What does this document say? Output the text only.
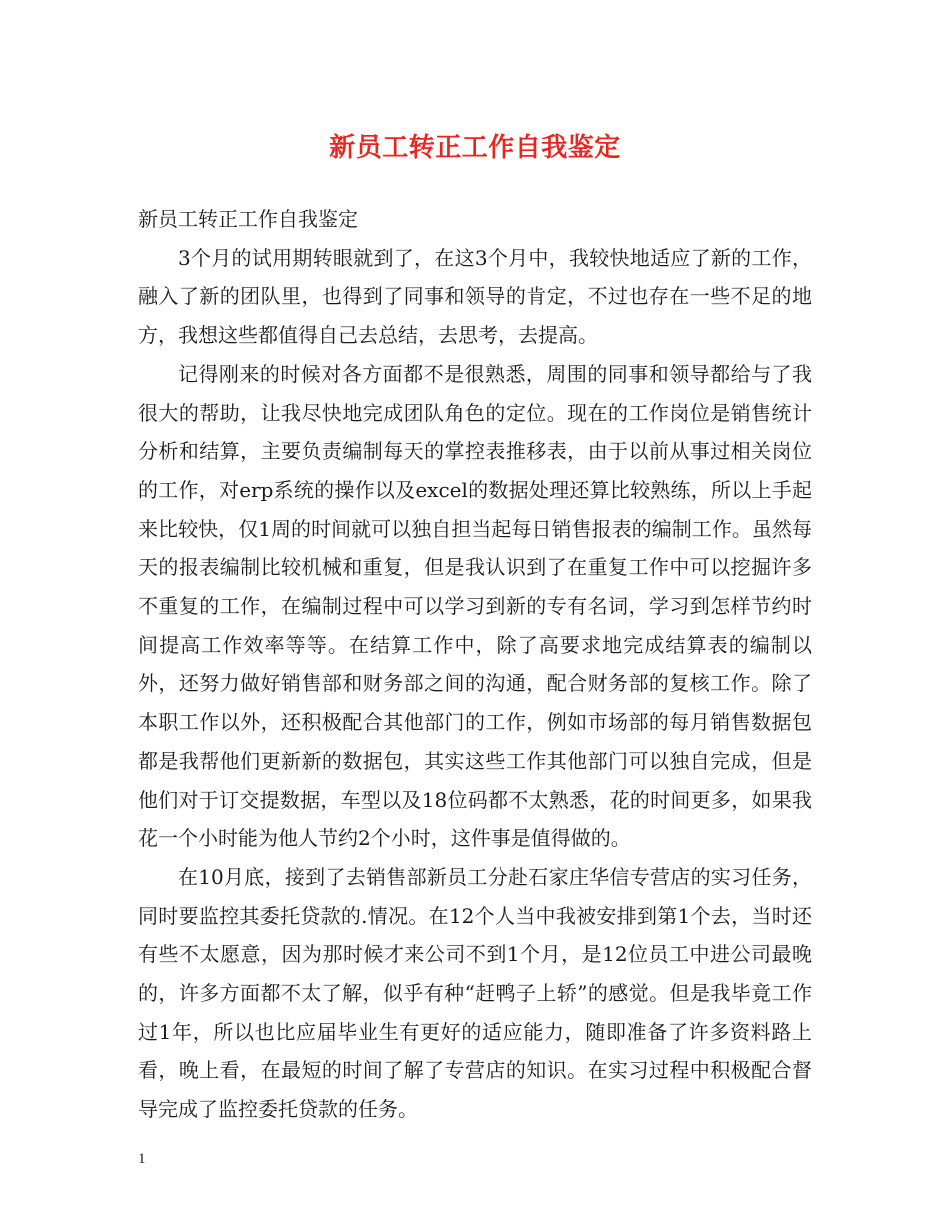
新员工转正工作自我鉴定

新员工转正工作自我鉴定

3个月的试用期转眼就到了，在这3个月中，我较快地适应了新的工作，融入了新的团队里，也得到了同事和领导的肯定，不过也存在一些不足的地方，我想这些都值得自己去总结，去思考，去提高。

记得刚来的时候对各方面都不是很熟悉，周围的同事和领导都给与了我很大的帮助，让我尽快地完成团队角色的定位。现在的工作岗位是销售统计分析和结算，主要负责编制每天的掌控表推移表，由于以前从事过相关岗位的工作，对erp系统的操作以及excel的数据处理还算比较熟练，所以上手起来比较快，仅1周的时间就可以独自担当起每日销售报表的编制工作。虽然每天的报表编制比较机械和重复，但是我认识到了在重复工作中可以挖掘许多不重复的工作，在编制过程中可以学习到新的专有名词，学习到怎样节约时间提高工作效率等等。在结算工作中，除了高要求地完成结算表的编制以外，还努力做好销售部和财务部之间的沟通，配合财务部的复核工作。除了本职工作以外，还积极配合其他部门的工作，例如市场部的每月销售数据包都是我帮他们更新新的数据包，其实这些工作其他部门可以独自完成，但是他们对于订交提数据，车型以及18位码都不太熟悉，花的时间更多，如果我花一个小时能为他人节约2个小时，这件事是值得做的。

在10月底，接到了去销售部新员工分赴石家庄华信专营店的实习任务，同时要监控其委托贷款的.情况。在12个人当中我被安排到第1个去，当时还有些不太愿意，因为那时候才来公司不到1个月，是12位员工中进公司最晚的，许多方面都不太了解，似乎有种“赶鸭子上轿”的感觉。但是我毕竟工作过1年，所以也比应届毕业生有更好的适应能力，随即准备了许多资料路上看，晚上看，在最短的时间了解了专营店的知识。在实习过程中积极配合督导完成了监控委托贷款的任务。

1
